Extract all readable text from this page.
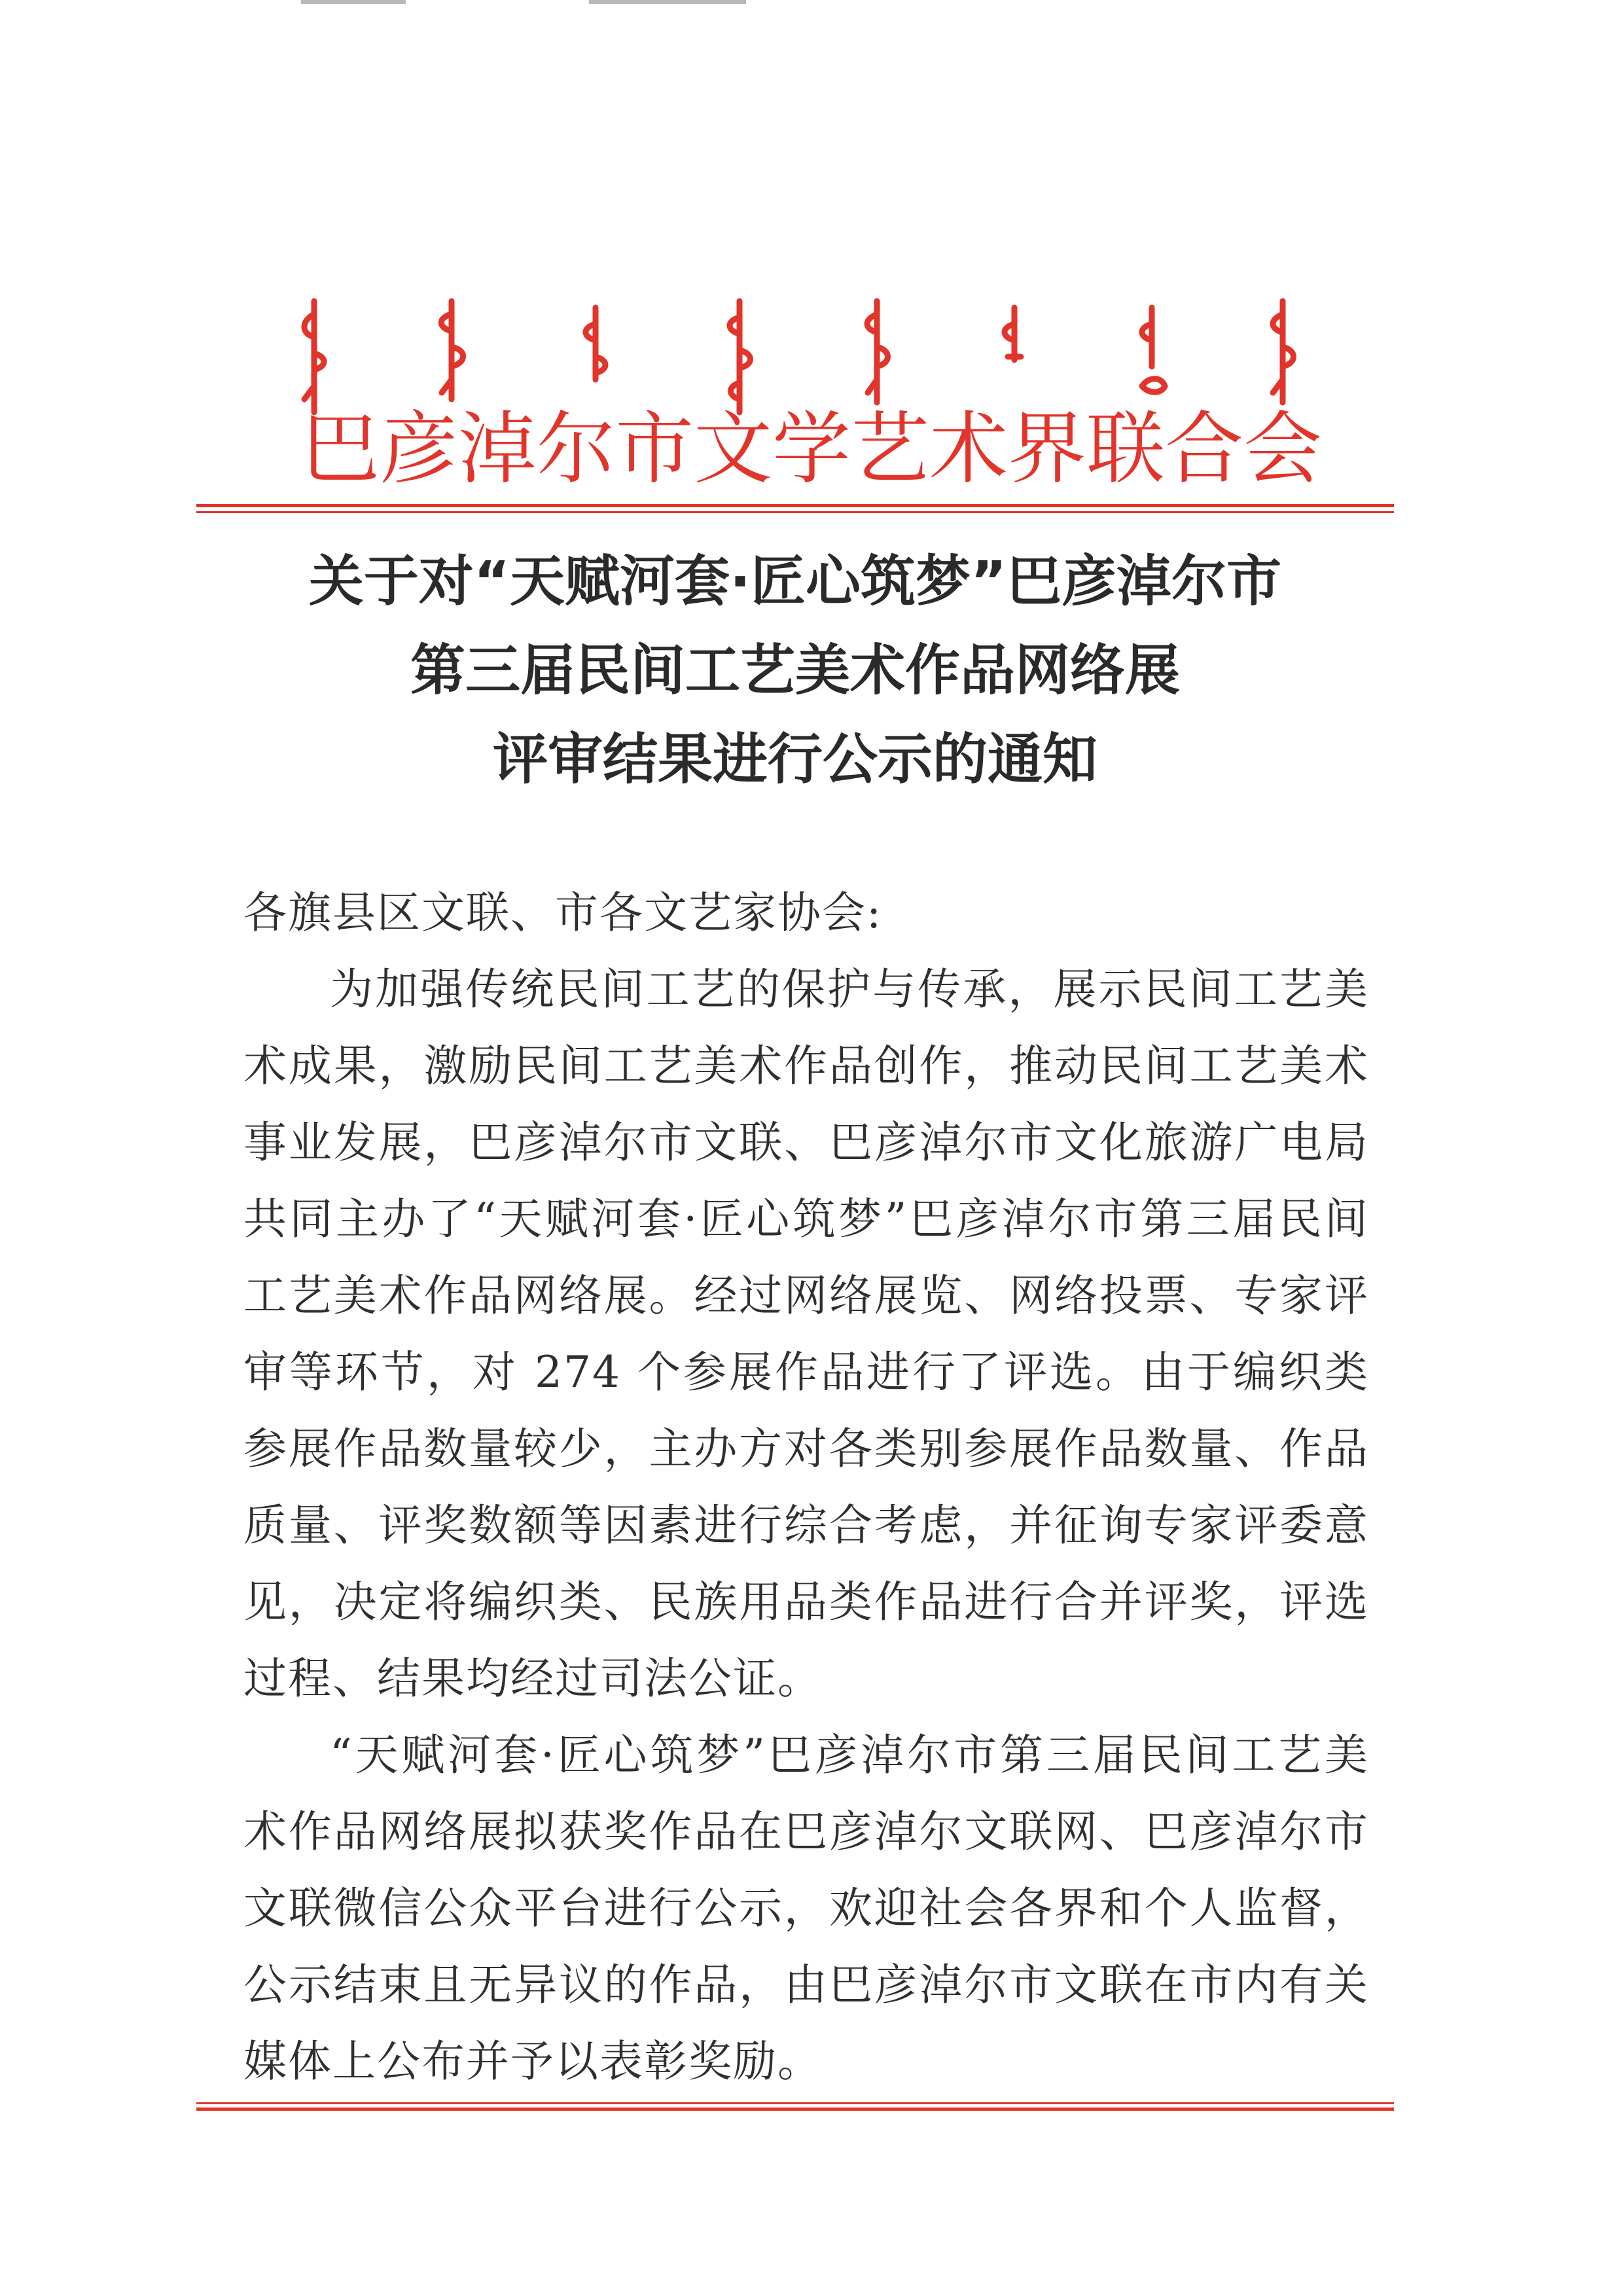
巴彦淖尔市文学艺术界联合会
关于对“天赋河套·匠心筑梦”巴彦淖尔市
第三届民间工艺美术作品网络展
评审结果进行公示的通知

各旗县区文联、市各文艺家协会:

为加强传统民间工艺的保护与传承，展示民间工艺美术成果，激励民间工艺美术作品创作，推动民间工艺美术事业发展，巴彦淖尔市文联、巴彦淖尔市文化旅游广电局共同主办了“天赋河套·匠心筑梦”巴彦淖尔市第三届民间工艺美术作品网络展。经过网络展览、网络投票、专家评审等环节，对 274 个参展作品进行了评选。由于编织类参展作品数量较少，主办方对各类别参展作品数量、作品质量、评奖数额等因素进行综合考虑，并征询专家评委意见，决定将编织类、民族用品类作品进行合并评奖，评选过程、结果均经过司法公证。

“天赋河套·匠心筑梦”巴彦淖尔市第三届民间工艺美术作品网络展拟获奖作品在巴彦淖尔文联网、巴彦淖尔市文联微信公众平台进行公示，欢迎社会各界和个人监督，公示结束且无异议的作品，由巴彦淖尔市文联在市内有关媒体上公布并予以表彰奖励。
